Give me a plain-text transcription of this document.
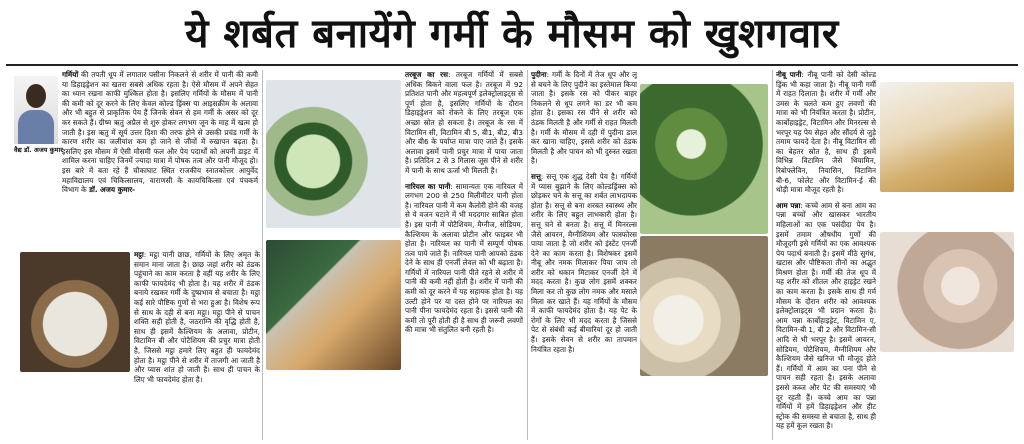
ये शर्बत बनायेंगे गर्मी के मौसम को खुशगवार
वैद्य डॉ. अजय कुमार

गर्मियों की तपती धूप में लगातार पसीना निकलने से शरीर में पानी की कमी या डिहाइड्रेशन का खतरा सबसे अधिक रहता है। ऐसे मौसम में अपने सेहत का ध्यान रखना काफी मुश्किल होता है। इसलिए गर्मियों के मौसम में पानी की कमी को दूर करने के लिए केवल कोल्ड ड्रिंक्स या आइसक्रीम के अलावा और भी बहुत से प्राकृतिक पेय हैं जिनके सेवन से हम गर्मी के असर को दूर कर सकते हैं। ग्रीष्म ऋतु अप्रैल से शुरु होकर लगभग जून के माह में खत्म हो जाती है। इस ऋतु में सूर्य उत्तर दिशा की तरफ होने से उसकी प्रचंड गर्मी के कारण शरीर का जलीयांश कम हो जाने से जीवों में रुखापन बढ़ता है। इसलिए इस मौसम में ऐसी मौसमी फल और पेय पदार्थों को अपनी डाइट में शामिल करना चाहिए जिनमें ज्यादा मात्रा में पोषक तत्व और पानी मौजूद हो। इस बारे में बता रहे हैं चौकाघाट स्थित राजकीय स्नातकोत्तर आयुर्वेद महाविद्यालय एवं चिकित्सालय, वाराणसी के कायचिकित्सा एवं पंचकर्म विभाग के डॉ. अजय कुमार-

मट्ठा: मट्ठा यानी छाछ, गर्मियों के लिए अमृत के समान माना जाता है। छाछ जहां शरीर को ठंडक पहुंचाने का काम करता है वहीं यह शरीर के लिए काफी फायदेमंद भी होता है। यह शरीर में ठंडक बनाये रखकर गर्मी के दुष्प्रभाव से बचाता है। मट्ठा कई सारे पौष्टिक गुणों से भरा हुआ है। विशेष रूप से साथ के दही से बना मट्ठा। मट्ठा पीने से पाचन शक्ति सही होती है, जठराग्नि की वृद्धि होती है, साथ ही इसमें कैल्शियम के अलावा, प्रोटीन, विटामिन बी और पोटैशियम की प्रचुर मात्रा होती है, जिससे मट्ठा हमारे लिए बहुत ही फायदेमंद होता है। मट्ठा पीने से शरीर में ताजगी आ जाती है और प्यास शांत हो जाती है। साथ ही पाचन के लिए भी फायदेमंद होता है।

तरबूज का रस: तरबूज गर्मियों में सबसे अधिक बिकने वाला फल है। तरबूज में 92 प्रतिशत पानी और महत्वपूर्ण इलेक्ट्रोलाइट्स से पूर्ण होता है, इसलिए गर्मियों के दौरान डिहाइड्रेशन को रोकने के लिए तरबूज एक अच्छा स्रोत हो सकता है। तरबूज के रस में विटामिन सी, विटामिन बी 5, बी1, बी2, बी3 और बी6 के पर्याप्त मात्रा पाए जाते हैं। इसके अलावा इसमें पानी प्रचुर मात्रा में पाया जाता है। प्रतिदिन 2 से 3 गिलास जूस पीने से शरीर में पानी के साथ ऊर्जा भी मिलती है।

नारियल का पानी: सामान्यतः एक नारियल में लगभग 200 से 250 मिलीमीटर पानी होता है। नारियल पानी में कम कैलोरी होने की वजह से ये वजन घटाने में भी मददगार साबित होता है। इस पानी में पोटैशियम, मैग्नीज, सोडियम, कैल्शियम के अलावा प्रोटीन और फाइबर भी होता है। नारियल का पानी में सम्पूर्ण पोषक तत्व पाये जाते हैं। नारियल पानी आपको ठंडक देने के साथ ही एनर्जी लेवल को भी बढ़ाता है। गर्मियों में नारियल पानी पीते रहने से शरीर में पानी की कमी नहीं होती है। शरीर में पानी की कमी को दूर करने में यह सहायक होता है। यह उल्टी होने पर या दस्त होने पर नारियल का पानी पीना फायदेमंद रहता है। इससे पानी की कमी तो पूरी होती ही है साथ ही जरूरी लवणों की मात्रा भी संतुलित बनी रहती है।

पुदीना: गर्मी के दिनों में तेज धूप और लू से बचने के लिए पुदीने का इस्तेमाल किया जाता है। इसके रस को पीकर बाहर निकलने से धूप लगने का डर भी कम होता है। इसका रस पीने से शरीर को ठंडक मिलती है और गर्मी से राहत मिलती है। गर्मी के मौसम में दही में पुदीना डाल कर खाना चाहिए, इससे शरीर को ठंडक मिलती है और पाचन को भी दुरुस्त रखता है।

सत्तू: सत्तू एक शुद्ध देसी पेय है। गर्मियों में प्यास बुझाने के लिए कोल्डड्रिंक्स को छोड़कर चने के सत्तू का शर्बत लाभदायक होता है। सत्तू से बना शरबत स्वास्थ्य और शरीर के लिए बहुत लाभकारी होता है। सत्तू चने से बनता है। सत्तू में मिनरल्स जैसे आयरन, मैग्नीशियम और फास्फोरस पाया जाता है जो शरीर को इंस्टेंट एनर्जी देने का काम करता है। विशेषकर इसमें नीबू और नमक मिलाकर पिया जाय तो शरीर को थकान मिटाकर एनर्जी देने में मदद करता है। कुछ लोग इसमें शक्कर मिला कर तो कुछ लोग नमक और मसाले मिला कर खाते हैं। यह गर्मियों के मौसम में काफी फायदेमंद होता है। यह पेट के रोगों के लिए भी मदद करता है जिससे पेट से संबंधी कई बीमारियां दूर हो जाती हैं। इसके सेवन से शरीर का तापमान नियंत्रित रहता है।

नीबू पानी: नीबू पानी को देसी कोल्ड ड्रिंक भी कहा जाता है। नीबू पानी गर्मी में राहत दिलाता है। शरीर में गर्मी और उमस के चलते कम हुए लवणों की मात्रा को भी नियंत्रित करता है। प्रोटीन, कार्बोहाइड्रेट, विटामिन और मिनरल्स से भरपूर यह पेय सेहत और सौंदर्य से जुड़े तमाम फायदे देता है। नीबू विटामिन सी का बेहतर स्रोत है, साथ ही इसमें विभिन्न विटामिन जैसे थियामिन, रिबोफ्लेविन, नियासिन, विटामिन बी-6, फोलेट और विटामिन-ई की थोड़ी मात्रा मौजूद रहती है।

आम पन्ना: कच्चे आम से बना आम का पन्ना बच्चों और खासकर भारतीय महिलाओं का एक पसंदीदा पेय है। इसमें तमाम औषधीय गुणों की मौजूदगी इसे गर्मियों का एक आवश्यक पेय पदार्थ बनाती है। इसमें मीठे सुगंध, खटास और पौष्टिकता तीनों का अद्भुत मिश्रण होता है। गर्मी की तेज धूप में यह शरीर को शीतल और हाइड्रेट रखने का काम करता है। इसके साथ ही गर्म मौसम के दौरान शरीर को आवश्यक इलेक्ट्रोलाइट्स भी प्रदान करता है। आम पन्ना कार्बोहाइड्रेट, विटामिन ए, विटामिन-बी 1, बी 2 और विटामिन-सी आदि से भी भरपूर है। इसमें आयरन, सोडियम, पोटैशियम, मैग्नीशियम और कैल्शियम जैसे खनिज भी मौजूद होते हैं। गर्मियों में आम का पना पीने से पाचन सही रहता है। इसके अलावा इससे कब्ज और पेट की समस्याएं भी दूर रहती हैं। कच्चे आम का पन्ना गर्मियों में हमें डिहाइड्रेशन और हीट स्ट्रोक की समस्या से बचाता है, साथ ही यह हमें कूल रखता है।
